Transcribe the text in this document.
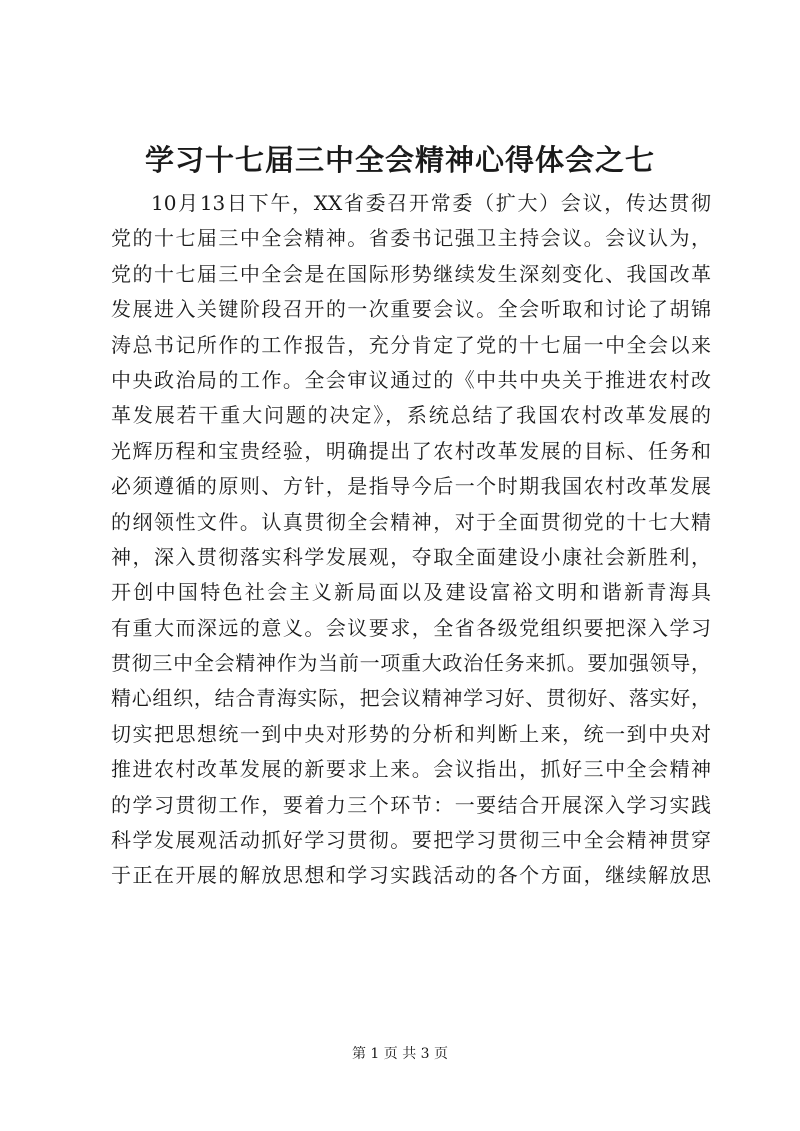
学习十七届三中全会精神心得体会之七
10月13日下午，XX省委召开常委（扩大）会议，传达贯彻
党的十七届三中全会精神。省委书记强卫主持会议。会议认为，
党的十七届三中全会是在国际形势继续发生深刻变化、我国改革
发展进入关键阶段召开的一次重要会议。全会听取和讨论了胡锦
涛总书记所作的工作报告，充分肯定了党的十七届一中全会以来
中央政治局的工作。全会审议通过的《中共中央关于推进农村改
革发展若干重大问题的决定》，系统总结了我国农村改革发展的
光辉历程和宝贵经验，明确提出了农村改革发展的目标、任务和
必须遵循的原则、方针，是指导今后一个时期我国农村改革发展
的纲领性文件。认真贯彻全会精神，对于全面贯彻党的十七大精
神，深入贯彻落实科学发展观，夺取全面建设小康社会新胜利，
开创中国特色社会主义新局面以及建设富裕文明和谐新青海具
有重大而深远的意义。会议要求，全省各级党组织要把深入学习
贯彻三中全会精神作为当前一项重大政治任务来抓。要加强领导，
精心组织，结合青海实际，把会议精神学习好、贯彻好、落实好，
切实把思想统一到中央对形势的分析和判断上来，统一到中央对
推进农村改革发展的新要求上来。会议指出，抓好三中全会精神
的学习贯彻工作，要着力三个环节：一要结合开展深入学习实践
科学发展观活动抓好学习贯彻。要把学习贯彻三中全会精神贯穿
于正在开展的解放思想和学习实践活动的各个方面，继续解放思
第 1 页 共 3 页
